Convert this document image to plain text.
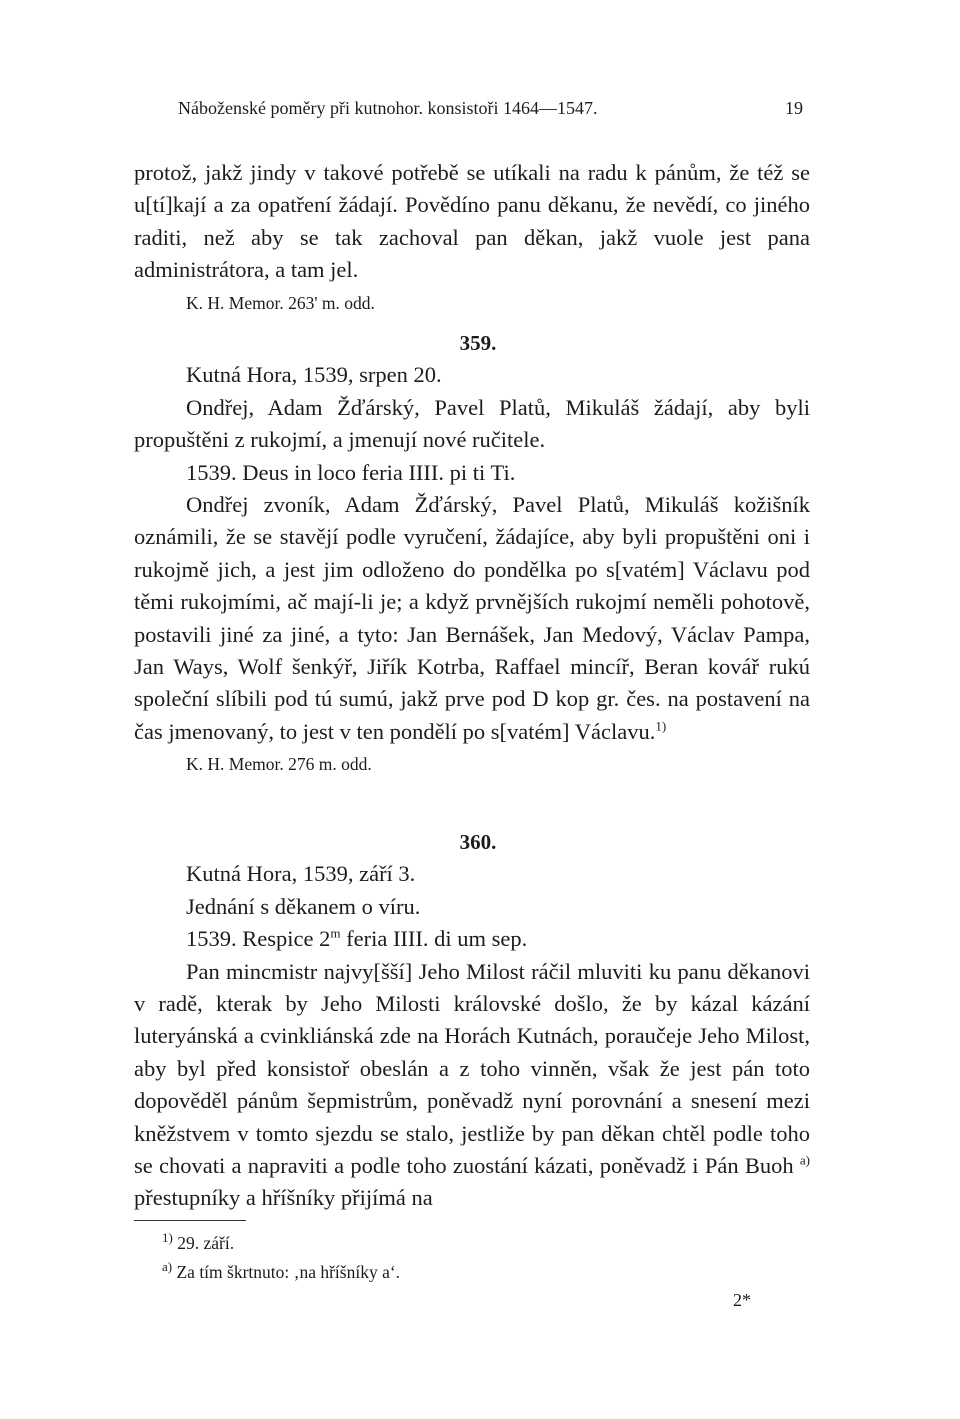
Náboženské poměry při kutnohor. konsistoři 1464—1547.	19
protož, jakž jindy v takové potřebě se utíkali na radu k pánům, že též se u[tí]kají a za opatření žádají. Povědíno panu děkanu, že nevědí, co jiného raditi, než aby se tak zachoval pan děkan, jakž vuole jest pana administrátora, a tam jel.
K. H. Memor. 263' m. odd.
359.
Kutná Hora, 1539, srpen 20.
Ondřej, Adam Žďárský, Pavel Platů, Mikuláš žádají, aby byli propuštěni z rukojmí, a jmenují nové ručitele.
1539. Deus in loco feria IIII. pi ti Ti.
Ondřej zvoník, Adam Žďárský, Pavel Platů, Mikuláš kožišník oznámili, že se stavějí podle vyručení, žádajíce, aby byli propuštěni oni i rukojmě jich, a jest jim odloženo do pondělka po s[vatém] Václavu pod těmi rukojmími, ač mají-li je; a když prvnějších rukojmí neměli pohotově, postavili jiné za jiné, a tyto: Jan Bernášek, Jan Medový, Václav Pampa, Jan Ways, Wolf šenkýř, Jiřík Kotrba, Raffael mincíř, Beran kovář rukú společní slíbili pod tú sumú, jakž prve pod D kop gr. čes. na postavení na čas jmenovaný, to jest v ten pondělí po s[vatém] Václavu.$^{1)}$
K. H. Memor. 276 m. odd.
360.
Kutná Hora, 1539, září 3.
Jednání s děkanem o víru.
1539. Respice 2$^m$ feria IIII. di um sep.
Pan mincmistr najvy[šší] Jeho Milost ráčil mluviti ku panu děkanovi v radě, kterak by Jeho Milosti královské došlo, že by kázal kázání luteryánská a cvinkliánská zde na Horách Kutnách, poraučeje Jeho Milost, aby byl před konsistoř obeslán a z toho vinněn, však že jest pán toto dopověděl pánům šepmistrům, poněvadž nyní porovnání a snesení mezi kněžstvem v tomto sjezdu se stalo, jestliže by pan děkan chtěl podle toho se chovati a napraviti a podle toho zuostání kázati, poněvadž i Pán Buoh $^{a)}$ přestupníky a hříšníky přijímá na
$^{1)}$ 29. září.
$^{a)}$ Za tím škrtnuto: ‚na hříšníky a‘.
2*
